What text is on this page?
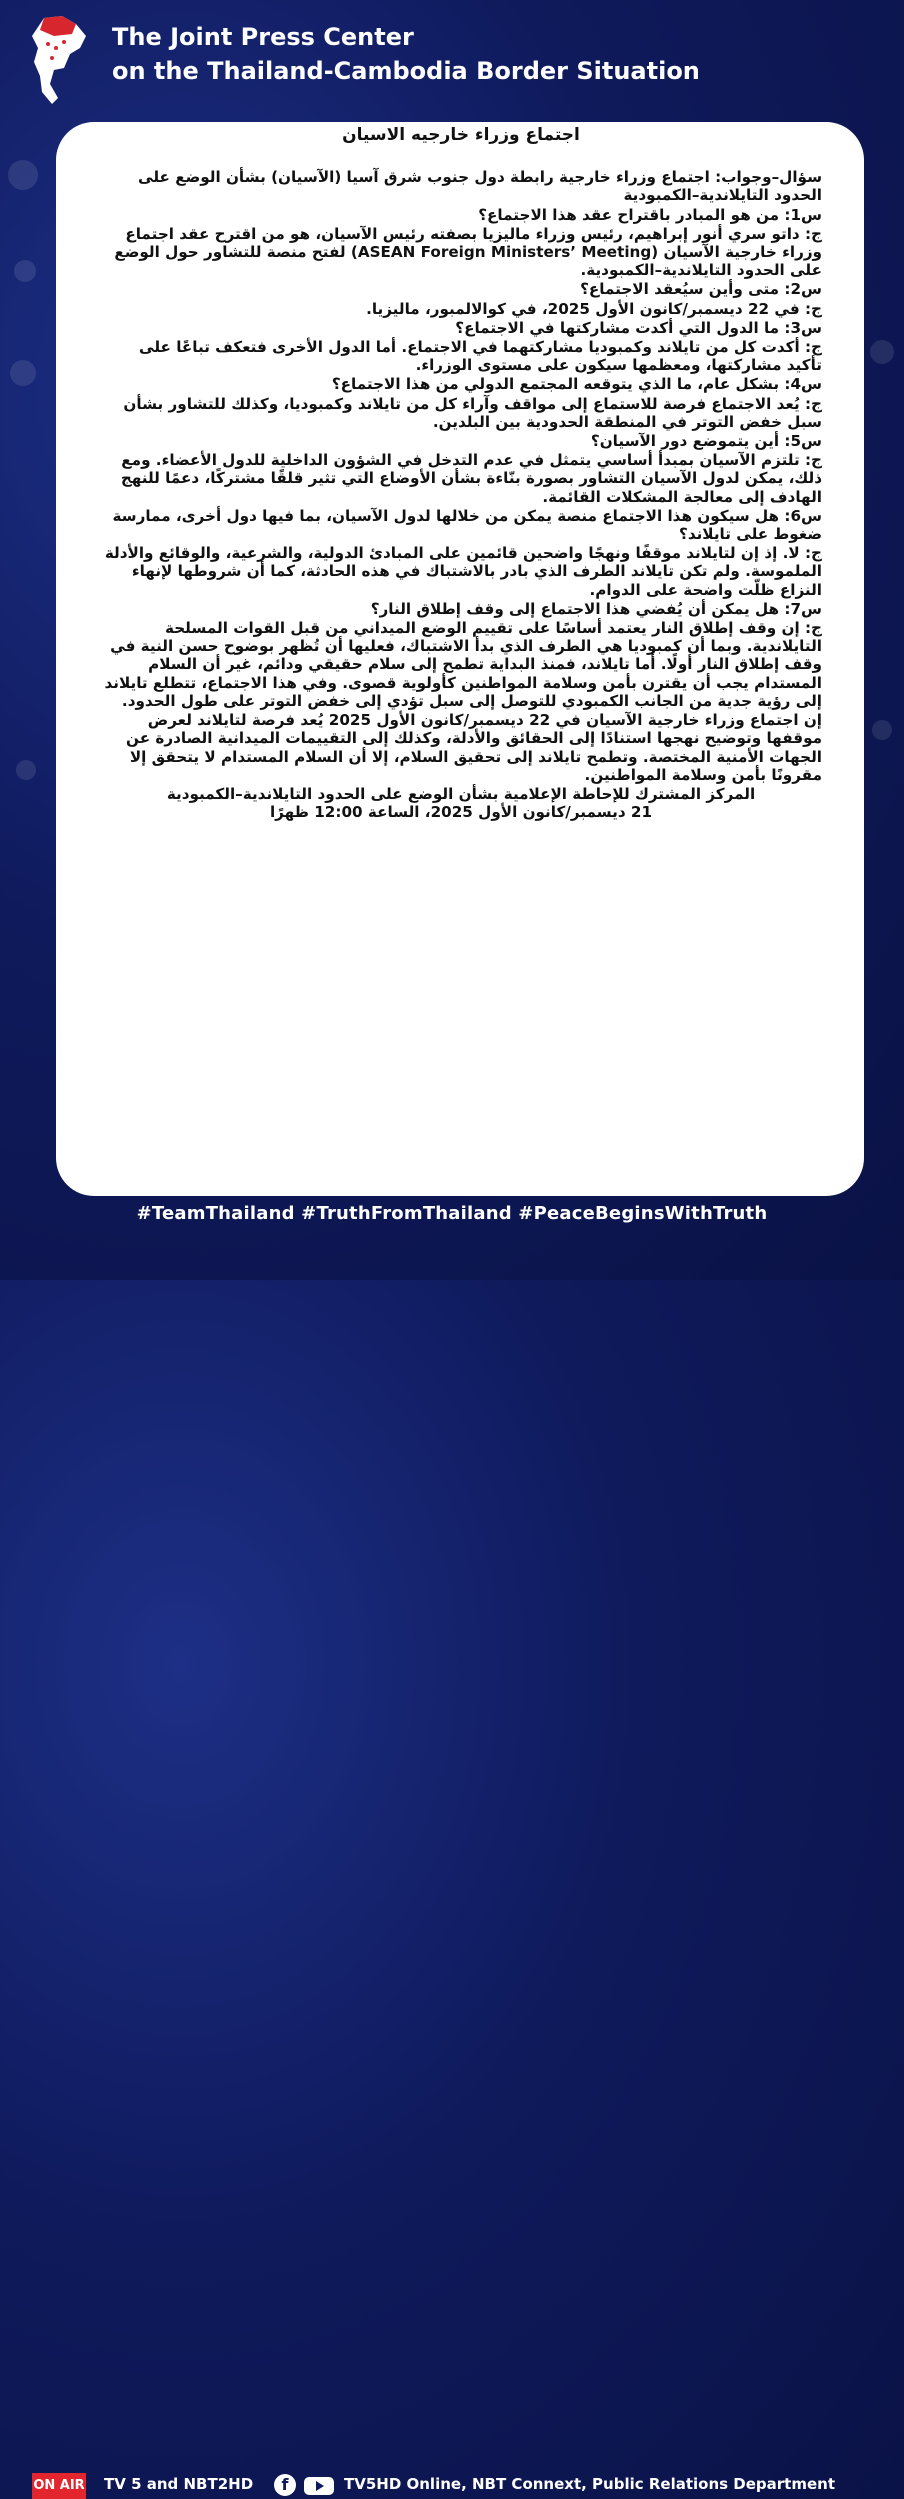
The Joint Press Center
on the Thailand-Cambodia Border Situation
اجتماع وزراء خارجيه الاسيان
سؤال–وجواب: اجتماع وزراء خارجية رابطة دول جنوب شرق آسيا (الآسيان) بشأن الوضع على الحدود التايلاندية–الكمبودية
س1: من هو المبادر باقتراح عقد هذا الاجتماع؟
ج: داتو سري أنور إبراهيم، رئيس وزراء ماليزيا بصفته رئيس الآسيان، هو من اقترح عقد اجتماع وزراء خارجية الآسيان (ASEAN Foreign Ministers’ Meeting) لفتح منصة للتشاور حول الوضع على الحدود التايلاندية–الكمبودية.
س2: متى وأين سيُعقد الاجتماع؟
ج: في 22 ديسمبر/كانون الأول 2025، في كوالالمبور، ماليزيا.
س3: ما الدول التي أكدت مشاركتها في الاجتماع؟
ج: أكدت كل من تايلاند وكمبوديا مشاركتهما في الاجتماع. أما الدول الأخرى فتعكف تباعًا على تأكيد مشاركتها، ومعظمها سيكون على مستوى الوزراء.
س4: بشكل عام، ما الذي يتوقعه المجتمع الدولي من هذا الاجتماع؟
ج: يُعد الاجتماع فرصة للاستماع إلى مواقف وآراء كل من تايلاند وكمبوديا، وكذلك للتشاور بشأن سبل خفض التوتر في المنطقة الحدودية بين البلدين.
س5: أين يتموضع دور الآسيان؟
ج: تلتزم الآسيان بمبدأ أساسي يتمثل في عدم التدخل في الشؤون الداخلية للدول الأعضاء. ومع ذلك، يمكن لدول الآسيان التشاور بصورة بنّاءة بشأن الأوضاع التي تثير قلقًا مشتركًا، دعمًا للنهج الهادف إلى معالجة المشكلات القائمة.
س6: هل سيكون هذا الاجتماع منصة يمكن من خلالها لدول الآسيان، بما فيها دول أخرى، ممارسة ضغوط على تايلاند؟
ج: لا. إذ إن لتايلاند موقفًا ونهجًا واضحين قائمين على المبادئ الدولية، والشرعية، والوقائع والأدلة الملموسة. ولم تكن تايلاند الطرف الذي بادر بالاشتباك في هذه الحادثة، كما أن شروطها لإنهاء النزاع ظلّت واضحة على الدوام.
س7: هل يمكن أن يُفضي هذا الاجتماع إلى وقف إطلاق النار؟
ج: إن وقف إطلاق النار يعتمد أساسًا على تقييم الوضع الميداني من قبل القوات المسلحة التايلاندية. وبما أن كمبوديا هي الطرف الذي بدأ الاشتباك، فعليها أن تُظهر بوضوح حسن النية في وقف إطلاق النار أولًا. أما تايلاند، فمنذ البداية تطمح إلى سلام حقيقي ودائم، غير أن السلام المستدام يجب أن يقترن بأمن وسلامة المواطنين كأولوية قصوى. وفي هذا الاجتماع، تتطلع تايلاند إلى رؤية جدية من الجانب الكمبودي للتوصل إلى سبل تؤدي إلى خفض التوتر على طول الحدود.
إن اجتماع وزراء خارجية الآسيان في 22 ديسمبر/كانون الأول 2025 يُعد فرصة لتايلاند لعرض موقفها وتوضيح نهجها استنادًا إلى الحقائق والأدلة، وكذلك إلى التقييمات الميدانية الصادرة عن الجهات الأمنية المختصة. وتطمح تايلاند إلى تحقيق السلام، إلا أن السلام المستدام لا يتحقق إلا مقرونًا بأمن وسلامة المواطنين.
المركز المشترك للإحاطة الإعلامية بشأن الوضع على الحدود التايلاندية–الكمبودية
21 ديسمبر/كانون الأول 2025، الساعة 12:00 ظهرًا
#TeamThailand #TruthFromThailand #PeaceBeginsWithTruth
ON AIR TV 5 and NBT2HD	f	TV5HD Online, NBT Connext, Public Relations Department
